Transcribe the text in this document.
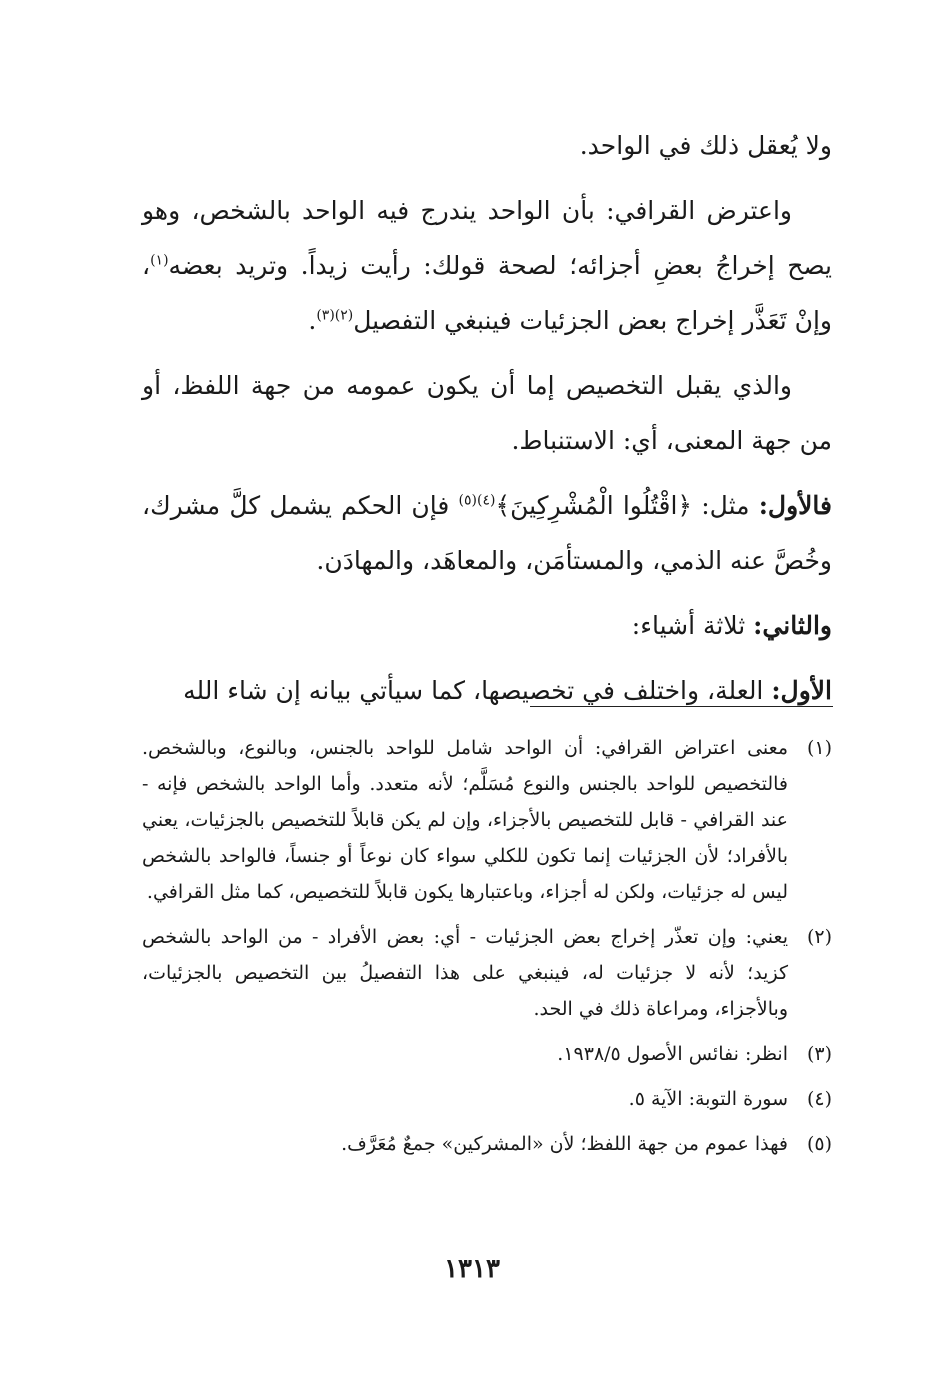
ولا يُعقل ذلك في الواحد.

واعترض القرافي: بأن الواحد يندرج فيه الواحد بالشخص، وهو يصح إخراجُ بعضِ أجزائه؛ لصحة قولك: رأيت زيداً. وتريد بعضه$^{(١)}$، وإنْ تَعَذَّر إخراج بعض الجزئيات فينبغي التفصيل$^{(٢)(٣)}$.

والذي يقبل التخصيص إما أن يكون عمومه من جهة اللفظ، أو من جهة المعنى، أي: الاستنباط.

فالأول: مثل: ﴿اقْتُلُوا الْمُشْرِكِينَ﴾$^{(٤)(٥)}$ فإن الحكم يشمل كلَّ مشرك، وخُصَّ عنه الذمي، والمستأمَن، والمعاهَد، والمهادَن.

والثاني: ثلاثة أشياء:

الأول: العلة، واختلف في تخصيصها، كما سيأتي بيانه إن شاء الله

(١)
معنى اعتراض القرافي: أن الواحد شامل للواحد بالجنس، وبالنوع، وبالشخص. فالتخصيص للواحد بالجنس والنوع مُسَلَّم؛ لأنه متعدد. وأما الواحد بالشخص فإنه - عند القرافي - قابل للتخصيص بالأجزاء، وإن لم يكن قابلاً للتخصيص بالجزئيات، يعني بالأفراد؛ لأن الجزئيات إنما تكون للكلي سواء كان نوعاً أو جنساً، فالواحد بالشخص ليس له جزئيات، ولكن له أجزاء، وباعتبارها يكون قابلاً للتخصيص، كما مثل القرافي.
(٢)
يعني: وإن تعذّر إخراج بعض الجزئيات - أي: بعض الأفراد - من الواحد بالشخص كزيد؛ لأنه لا جزئيات له، فينبغي على هذا التفصيلُ بين التخصيص بالجزئيات، وبالأجزاء، ومراعاة ذلك في الحد.
(٣)
انظر: نفائس الأصول ١٩٣٨/٥.
(٤)
سورة التوبة: الآية ٥.
(٥)
فهذا عموم من جهة اللفظ؛ لأن «المشركين» جمعٌ مُعَرَّف.
١٣١٣
